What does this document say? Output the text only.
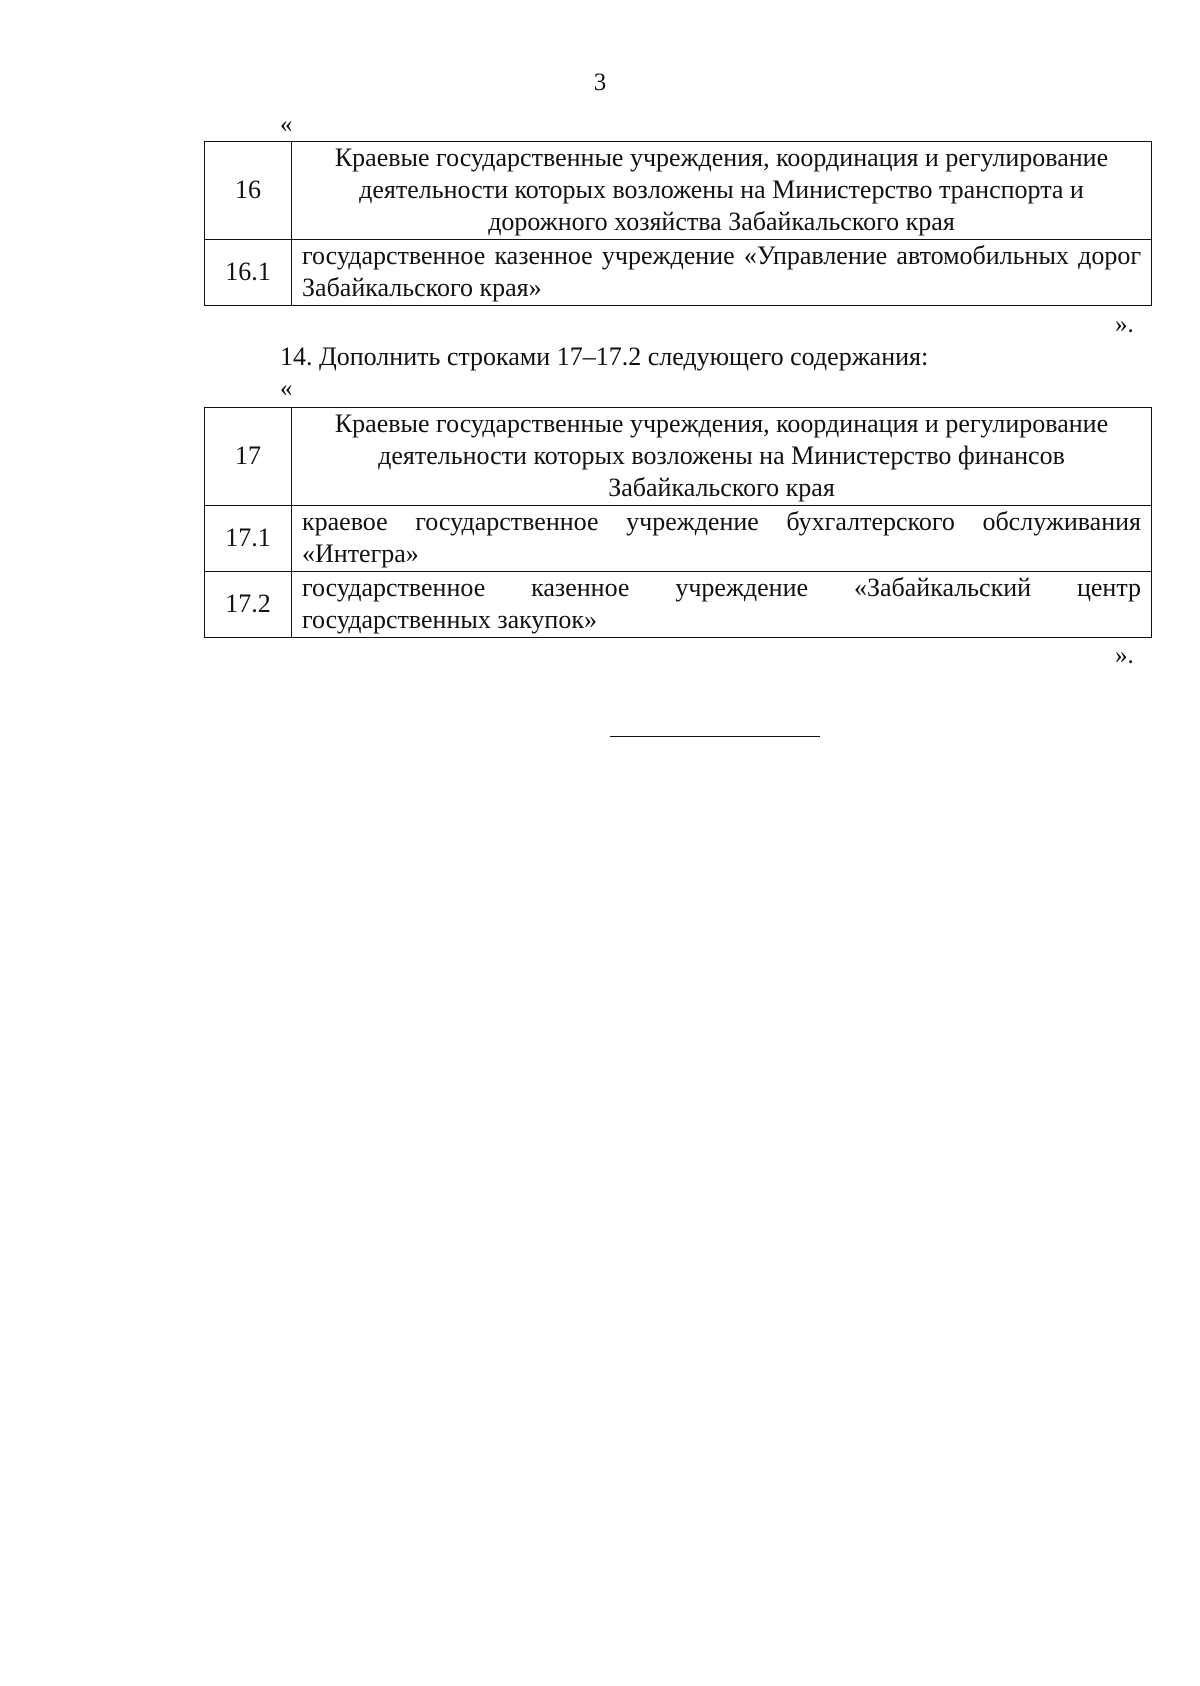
3
«
16	Краевые государственные учреждения, координация и регулирование деятельности которых возложены на Министерство транспорта и дорожного хозяйства Забайкальского края
16.1	государственное казенное учреждение «Управление автомобильных дорог Забайкальского края»
».
14. Дополнить строками 17–17.2 следующего содержания:
«
17	Краевые государственные учреждения, координация и регулирование деятельности которых возложены на Министерство финансов Забайкальского края
17.1	краевое государственное учреждение бухгалтерского обслуживания «Интегра»
17.2	государственное казенное учреждение «Забайкальский центр государственных закупок»
».
